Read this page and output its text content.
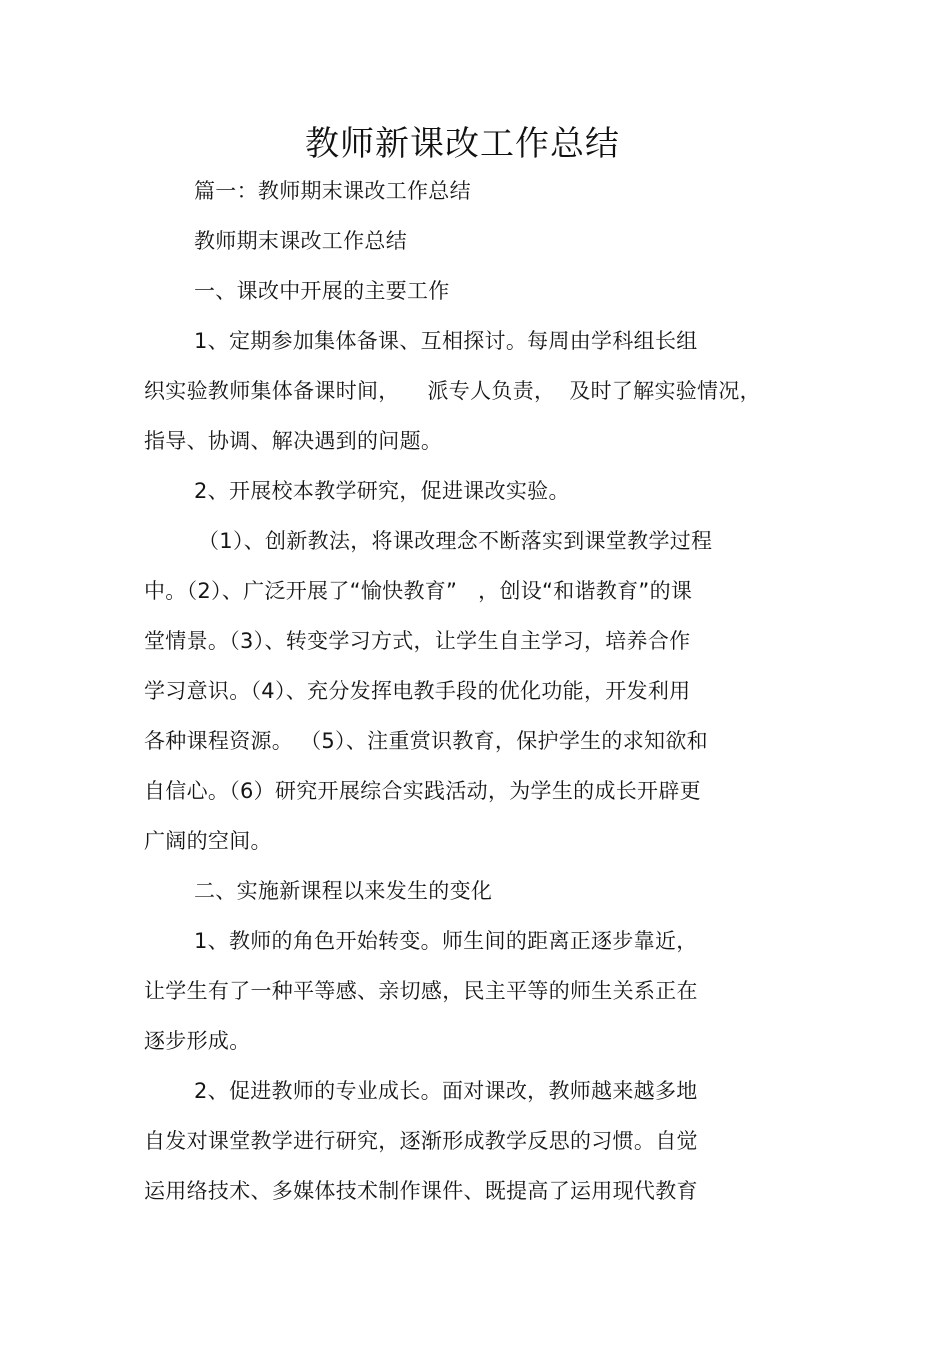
教师新课改工作总结
篇一：教师期末课改工作总结
教师期末课改工作总结
一、课改中开展的主要工作
1、定期参加集体备课、互相探讨。每周由学科组长组
织实验教师集体备课时间，    派专人负责，  及时了解实验情况，
指导、协调、解决遇到的问题。
2、开展校本教学研究，促进课改实验。
（1）、创新教法，将课改理念不断落实到课堂教学过程
中。（2）、广泛开展了“愉快教育”   ，创设“和谐教育”的课
堂情景。（3）、转变学习方式，让学生自主学习，培养合作
学习意识。（4）、充分发挥电教手段的优化功能，开发利用
各种课程资源。 （5）、注重赏识教育，保护学生的求知欲和
自信心。（6）研究开展综合实践活动，为学生的成长开辟更
广阔的空间。
二、实施新课程以来发生的变化
1、教师的角色开始转变。师生间的距离正逐步靠近，
让学生有了一种平等感、亲切感，民主平等的师生关系正在
逐步形成。
2、促进教师的专业成长。面对课改，教师越来越多地
自发对课堂教学进行研究，逐渐形成教学反思的习惯。自觉
运用络技术、多媒体技术制作课件、既提高了运用现代教育
